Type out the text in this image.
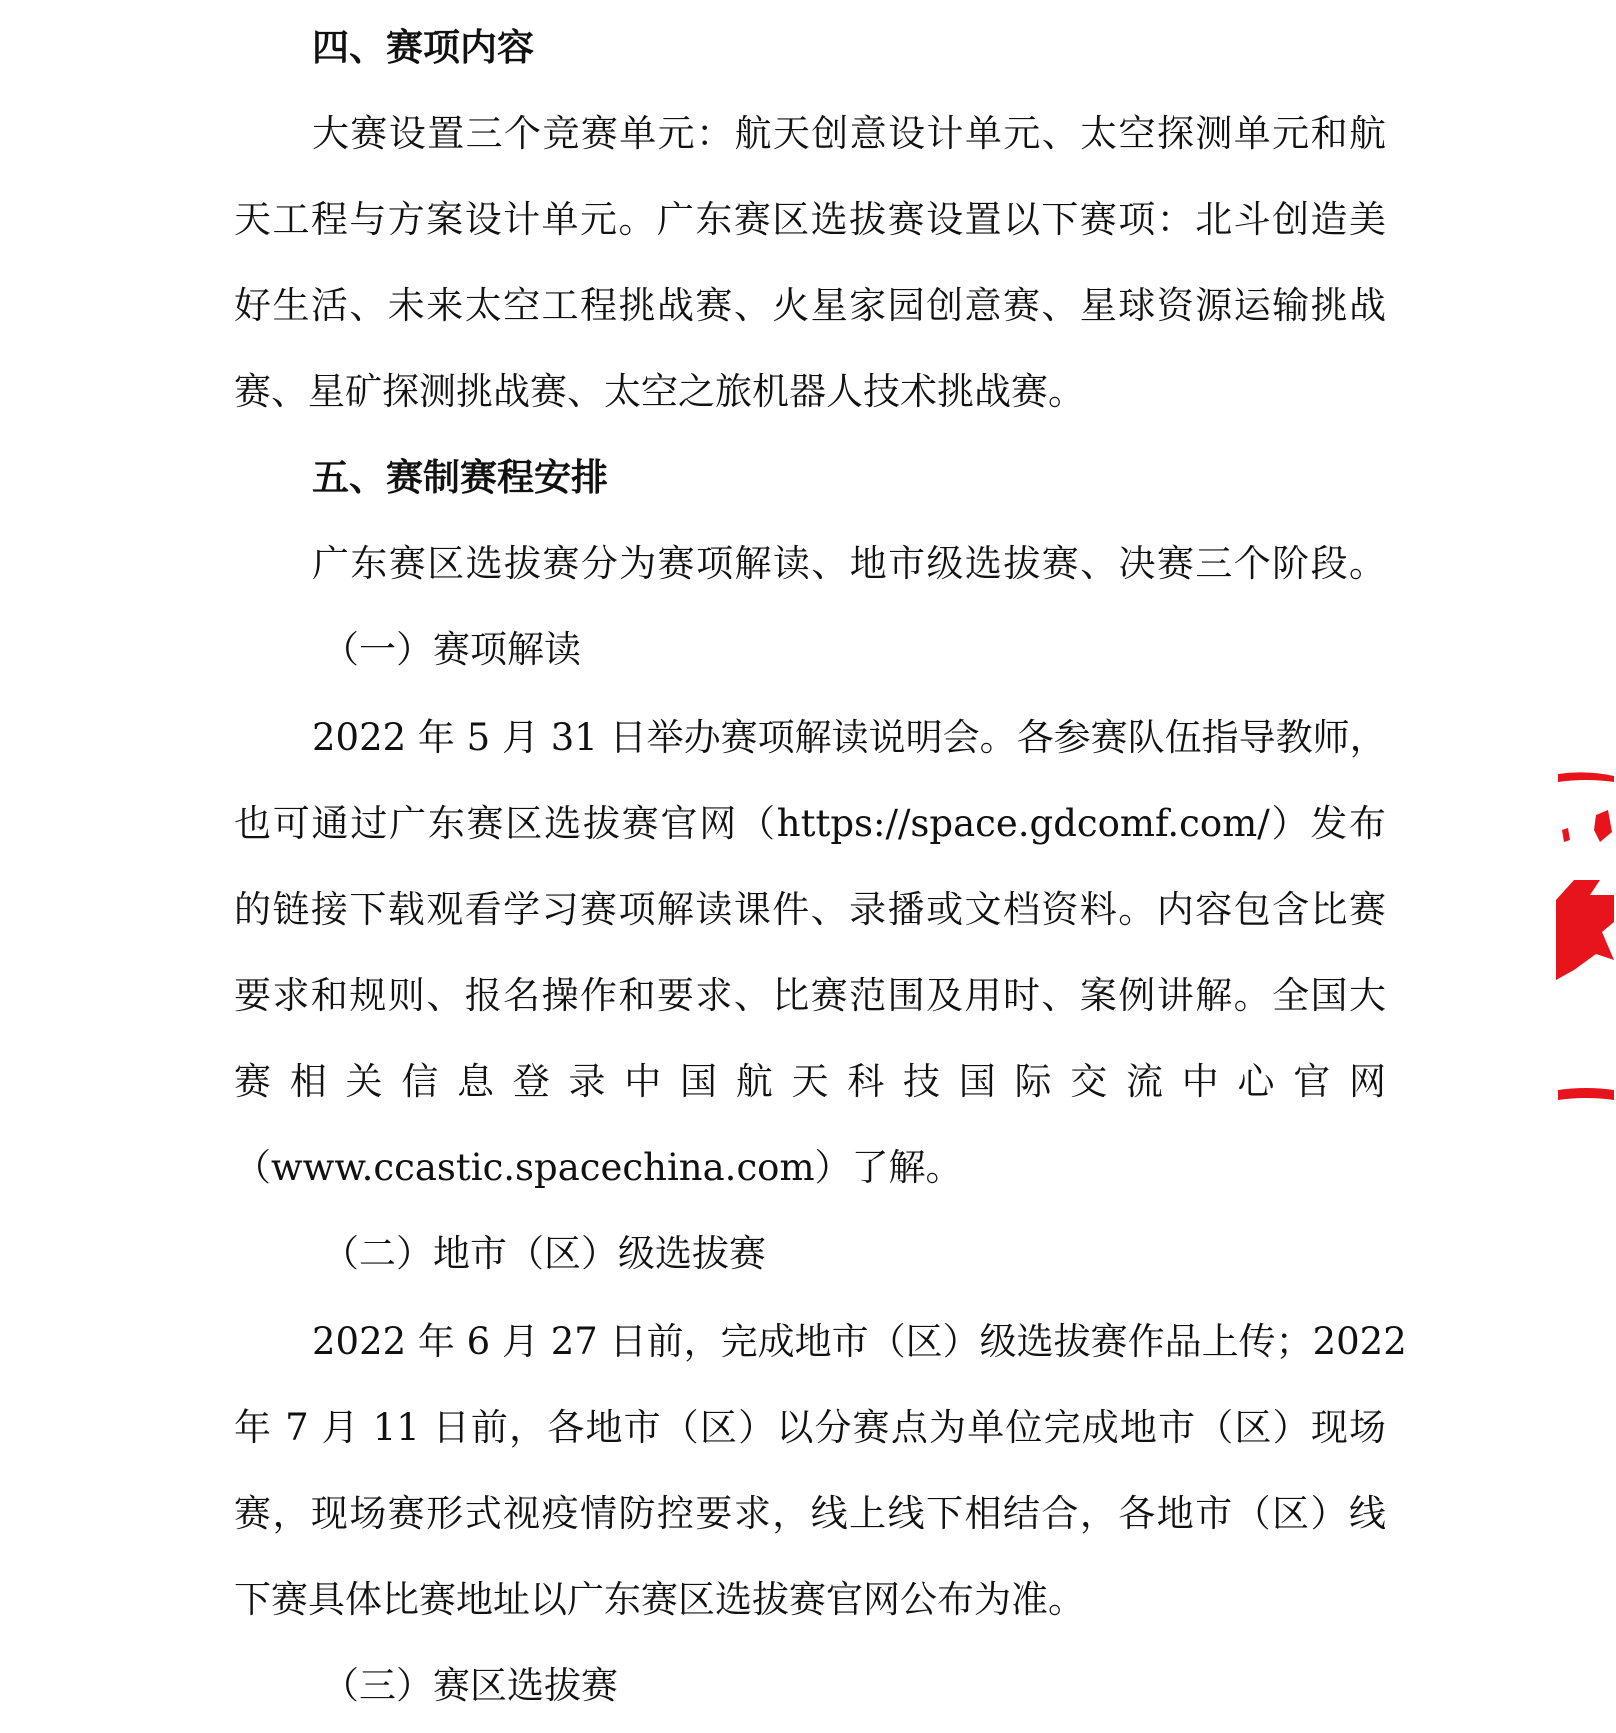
四、赛项内容
大赛设置三个竞赛单元：航天创意设计单元、太空探测单元和航
天工程与方案设计单元。广东赛区选拔赛设置以下赛项：北斗创造美
好生活、未来太空工程挑战赛、火星家园创意赛、星球资源运输挑战
赛、星矿探测挑战赛、太空之旅机器人技术挑战赛。
五、赛制赛程安排
广东赛区选拔赛分为赛项解读、地市级选拔赛、决赛三个阶段。
（一）赛项解读
2022 年 5 月 31 日举办赛项解读说明会。各参赛队伍指导教师，
也可通过广东赛区选拔赛官网（https://space.gdcomf.com/）发布
的链接下载观看学习赛项解读课件、录播或文档资料。内容包含比赛
要求和规则、报名操作和要求、比赛范围及用时、案例讲解。全国大
赛相关信息登录中国航天科技国际交流中心官网
（www.ccastic.spacechina.com）了解。
（二）地市（区）级选拔赛
2022 年 6 月 27 日前，完成地市（区）级选拔赛作品上传；2022
年 7 月 11 日前，各地市（区）以分赛点为单位完成地市（区）现场
赛，现场赛形式视疫情防控要求，线上线下相结合，各地市（区）线
下赛具体比赛地址以广东赛区选拔赛官网公布为准。
（三）赛区选拔赛
